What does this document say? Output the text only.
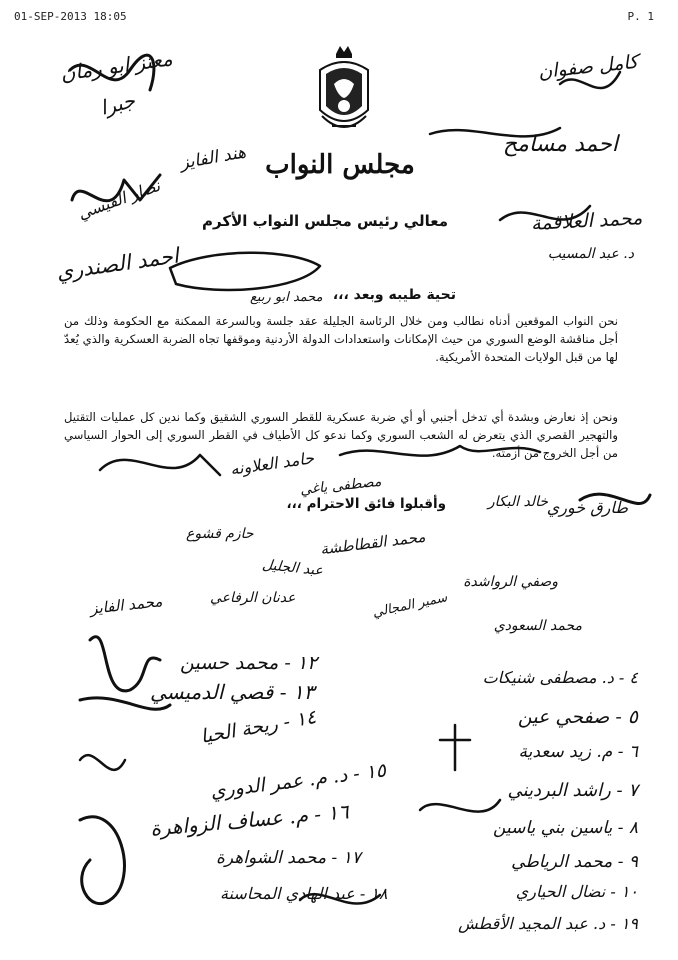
01-SEP-2013 18:05	P. 1
مجلس النواب
معالي رئيس مجلس النواب الأكرم
تحية طيبه وبعد ،،،
نحن النواب الموقعين أدناه نطالب ومن خلال الرئاسة الجليلة عقد جلسة وبالسرعة الممكنة مع الحكومة وذلك من أجل مناقشة الوضع السوري من حيث الإمكانات واستعدادات الدولة الأردنية وموقفها تجاه الضربة العسكرية والذي يُعدّ لها من قبل الولايات المتحدة الأمريكية.
ونحن إذ نعارض وبشدة أي تدخل أجنبي أو أي ضربة عسكرية للقطر السوري الشقيق وكما ندين كل عمليات التقتيل والتهجير القصري الذي يتعرض له الشعب السوري وكما ندعو كل الأطياف في القطر السوري إلى الحوار السياسي من أجل الخروج من أزمته.
وأقبلوا فائق الاحترام ،،،
كامل صفوان
احمد مسامح
محمد العلاقمة
د. عبد المسيب
محمد ابو ربيع
هند الفايز
احمد الصندري
جبرا
حامد العلاونه
مصطفى ياغي
حازم قشوع	محمد القطاطشة
طارق خوري
وصفي الرواشدة
عبد الجليل
عدنان الرفاعي
محمد الفايز
خالد البكار
محمد السعودي
سمير المجالي
نصار القيسي
معتز ابو رمان
١٢ - محمد حسين
١٣ - قصي الدميسي
١٤ - ريحة الحيا
١٥ - د. م. عمر الدوري
١٦ - م. عساف الزواهرة
١٧ - محمد الشواهرة
١٨ - عبد الهادي المحاسنة
٤ - د. مصطفى شنيكات
٥ - صفحي عين
٦ - م. زيد سعدية
٧ - راشد البرديني
٨ - ياسين بني ياسين
٩ - محمد الرياطي
١٠ - نضال الحياري
١٩ - د. عبد المجيد الأقطش
